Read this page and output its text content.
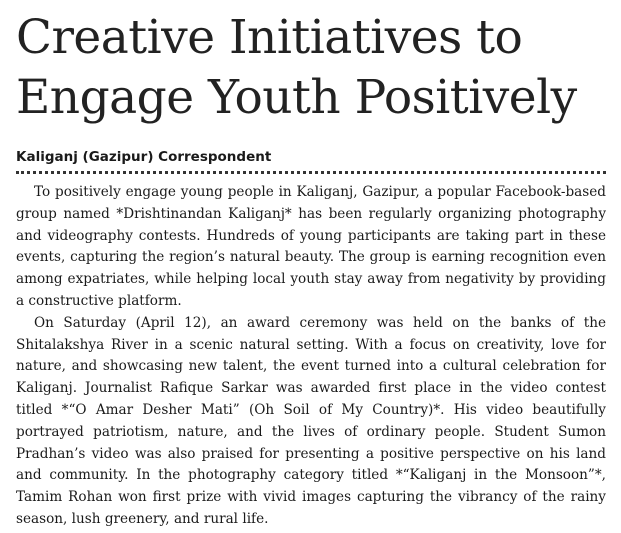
Creative Initiatives to
Engage Youth Positively
Kaliganj (Gazipur) Correspondent

To positively engage young people in Kaliganj, Gazipur, a popular Facebook-based group named *Drishtinandan Kaliganj* has been regularly organizing photography and videography contests. Hundreds of young participants are taking part in these events, capturing the region’s natural beauty. The group is earning recognition even among expatriates, while helping local youth stay away from negativity by providing a constructive platform.

On Saturday (April 12), an award ceremony was held on the banks of the Shitalakshya River in a scenic natural setting. With a focus on creativity, love for nature, and showcasing new talent, the event turned into a cultural celebration for Kaliganj. Journalist Rafique Sarkar was awarded first place in the video contest titled *“O Amar Desher Mati” (Oh Soil of My Country)*. His video beautifully portrayed patriotism, nature, and the lives of ordinary people. Student Sumon Pradhan’s video was also praised for presenting a positive perspective on his land and community. In the photography category titled *“Kaliganj in the Monsoon”*, Tamim Rohan won first prize with vivid images capturing the vibrancy of the rainy season, lush greenery, and rural life.
